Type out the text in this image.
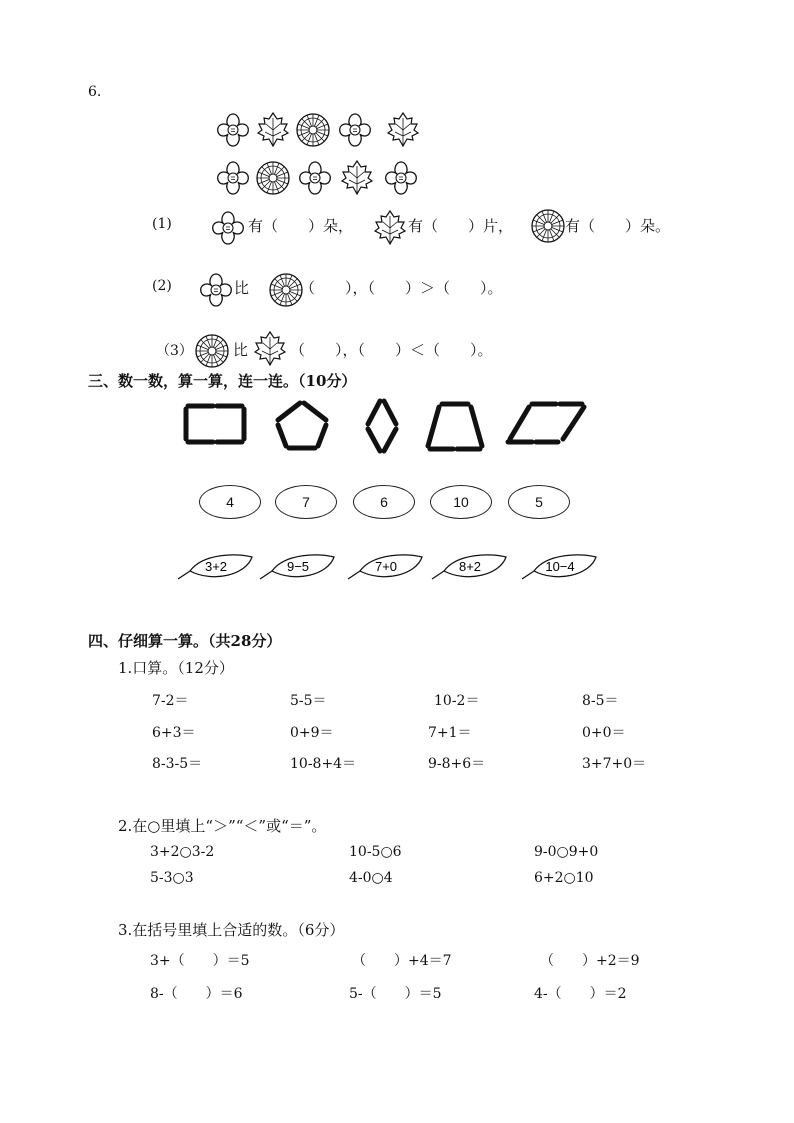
6.
(1)	有（　　）朵，	有（　　）片，	有（　　）朵。
(2)	比	（　　），（　　）＞（　　）。
（3）	比	（　　），（　　）＜（　　）。
三、数一数，算一算，连一连。（10分）
4	7	6	10	5
3+2	9−5	7+0	8+2	10−4
四、仔细算一算。（共28分）
1.口算。（12分）
7-2＝	5-5＝	10-2＝	8-5＝
6+3＝	0+9＝	7+1＝	0+0＝
8-3-5＝	10-8+4＝	9-8+6＝	3+7+0＝
2.在○里填上“＞”“＜”或“＝”。
3+2○3-2	10-5○6	9-0○9+0
5-3○3	4-0○4	6+2○10
3.在括号里填上合适的数。（6分）
3+（　　）＝5	（　　）+4＝7	（　　）+2＝9
8-（　　）＝6	5-（　　）＝5	4-（　　）＝2
